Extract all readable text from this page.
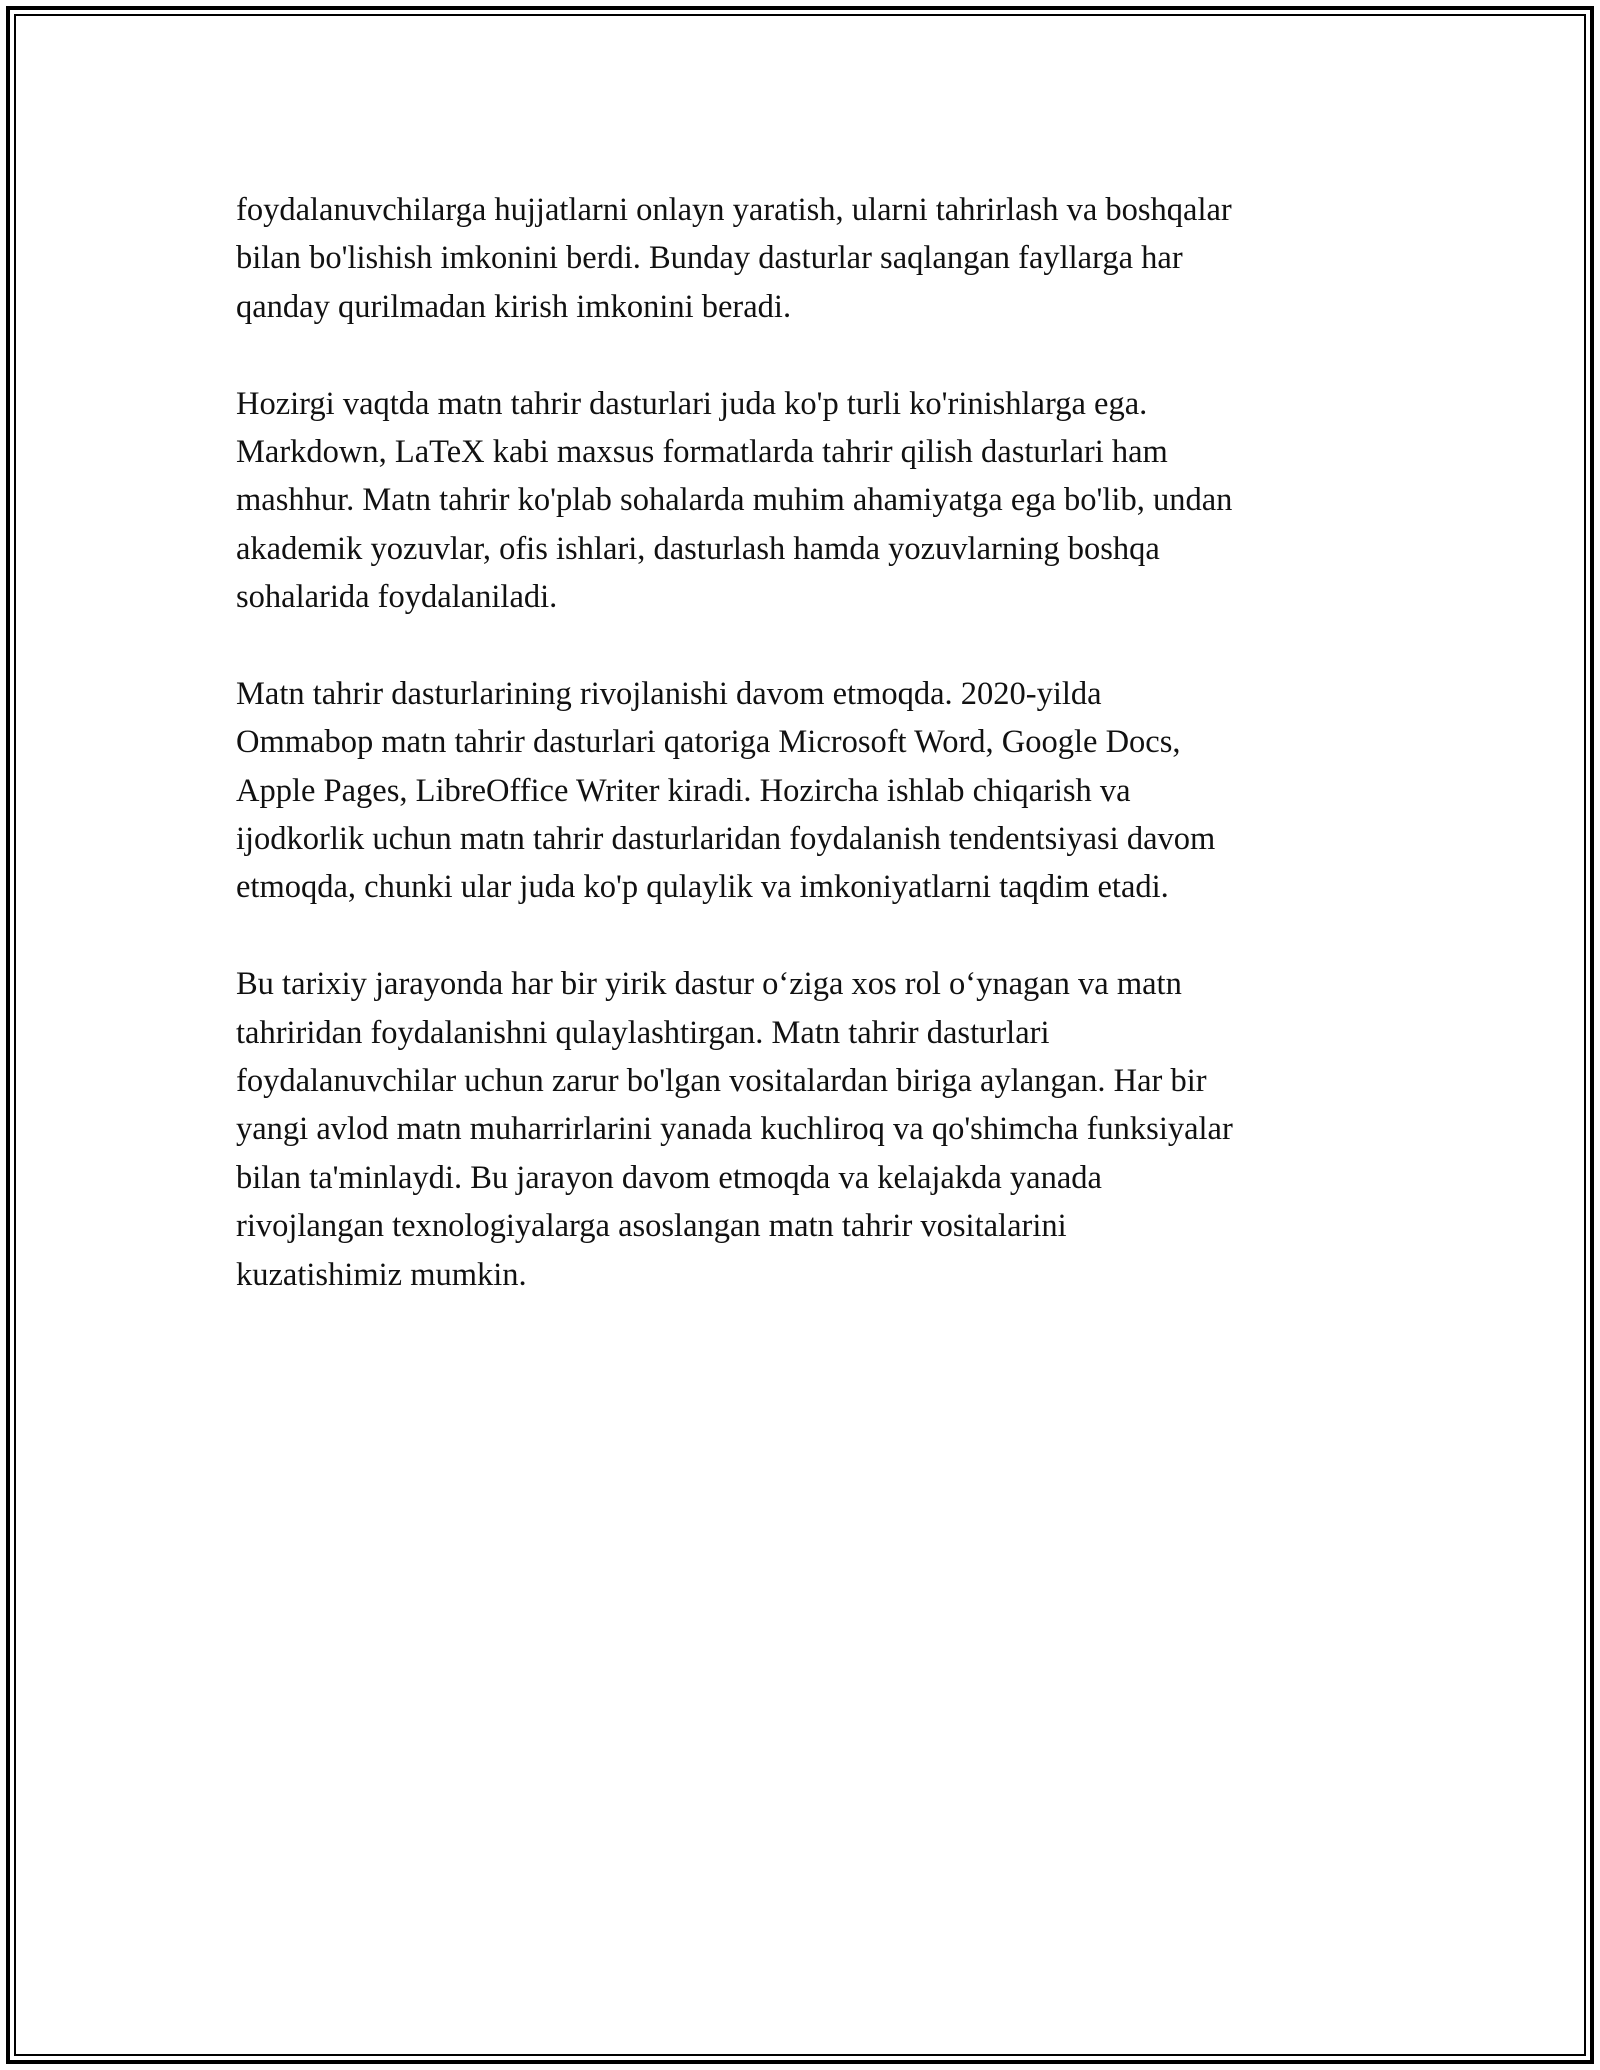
foydalanuvchilarga hujjatlarni onlayn yaratish, ularni tahrirlash va boshqalar
bilan bo'lishish imkonini berdi. Bunday dasturlar saqlangan fayllarga har
qanday qurilmadan kirish imkonini beradi.

Hozirgi vaqtda matn tahrir dasturlari juda ko'p turli ko'rinishlarga ega.
Markdown, LaTeX kabi maxsus formatlarda tahrir qilish dasturlari ham
mashhur. Matn tahrir ko'plab sohalarda muhim ahamiyatga ega bo'lib, undan
akademik yozuvlar, ofis ishlari, dasturlash hamda yozuvlarning boshqa
sohalarida foydalaniladi.

Matn tahrir dasturlarining rivojlanishi davom etmoqda. 2020-yilda
Ommabop matn tahrir dasturlari qatoriga Microsoft Word, Google Docs,
Apple Pages, LibreOffice Writer kiradi. Hozircha ishlab chiqarish va
ijodkorlik uchun matn tahrir dasturlaridan foydalanish tendentsiyasi davom
etmoqda, chunki ular juda ko'p qulaylik va imkoniyatlarni taqdim etadi.

Bu tarixiy jarayonda har bir yirik dastur o‘ziga xos rol o‘ynagan va matn
tahriridan foydalanishni qulaylashtirgan. Matn tahrir dasturlari
foydalanuvchilar uchun zarur bo'lgan vositalardan biriga aylangan. Har bir
yangi avlod matn muharrirlarini yanada kuchliroq va qo'shimcha funksiyalar
bilan ta'minlaydi. Bu jarayon davom etmoqda va kelajakda yanada
rivojlangan texnologiyalarga asoslangan matn tahrir vositalarini
kuzatishimiz mumkin.
